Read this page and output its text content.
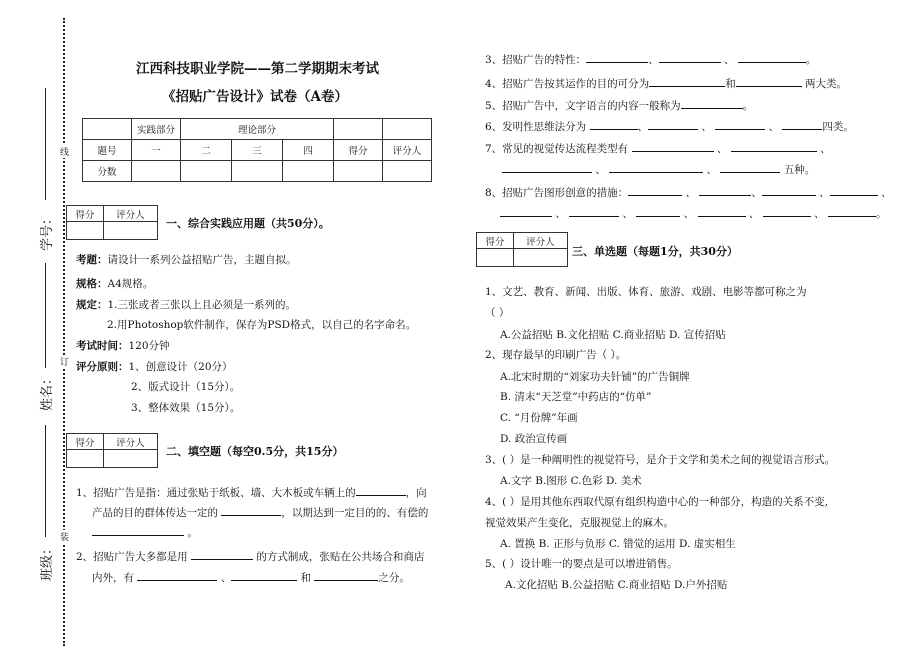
线
订
装
学号：
姓名：
班级：
江西科技职业学院——第二学期期末考试
《招贴广告设计》试卷（A卷）
	实践部分	理论部分				
题号	一	二	三	四	得分	评分人
分数						
得分	评分人

一、综合实践应用题（共50分）。
考题：请设计一系列公益招贴广告，主题自拟。
规格：A4规格。
规定：1.三张或者三张以上且必须是一系列的。
2.用Photoshop软件制作，保存为PSD格式，以自己的名字命名。
考试时间：120分钟
评分原则：1、创意设计（20分）
2、版式设计（15分）。
3、整体效果（15分）。
得分	评分人

二、填空题（每空0.5分，共15分）
1、招贴广告是指：通过张贴于纸板、墙、大木板或车辆上的	，向
产品的目的群体传达一定的	，以期达到一定目的的、有偿的
。
2、招贴广告大多都是用	的方式制成，张贴在公共场合和商店
内外，有	、	和	之分。
3、招贴广告的特性：	、	、	。
4、招贴广告按其运作的目的可分为	和	两大类。
5、招贴广告中，文字语言的内容一般称为	。
6、发明性思维法分为	、	、	、	四类。
7、常见的视觉传达流程类型有	、	、
、	、	五种。
8、招贴广告图形创意的措施：	、	、	、	、
、	、	、	、	、	。
得分	评分人

三、单选题（每题1分，共30分）
1、文艺、教育、新闻、出版、体育、旅游、戏剧、电影等都可称之为
（ ）
A.公益招贴 B.文化招贴 C.商业招贴 D. 宣传招贴
2、现存最早的印刷广告（ ）。
A.北宋时期的“刘家功夫针铺”的广告铜牌
B. 清末“天芝堂”中药店的“仿单”
C. “月份牌”年画
D. 政治宣传画
3、( ）是一种阐明性的视觉符号，是介于文学和美术之间的视觉语言形式。
A.文字 B.图形 C.色彩 D. 美术
4、( ）是用其他东西取代原有组织构造中心的一种部分，构造的关系不变,
视觉效果产生变化，克服视觉上的麻木。
A. 置换 B. 正形与负形 C. 错觉的运用 D. 虚实相生
5、( ）设计唯一的要点是可以增进销售。
A.文化招贴 B.公益招贴 C.商业招贴 D.户外招贴
